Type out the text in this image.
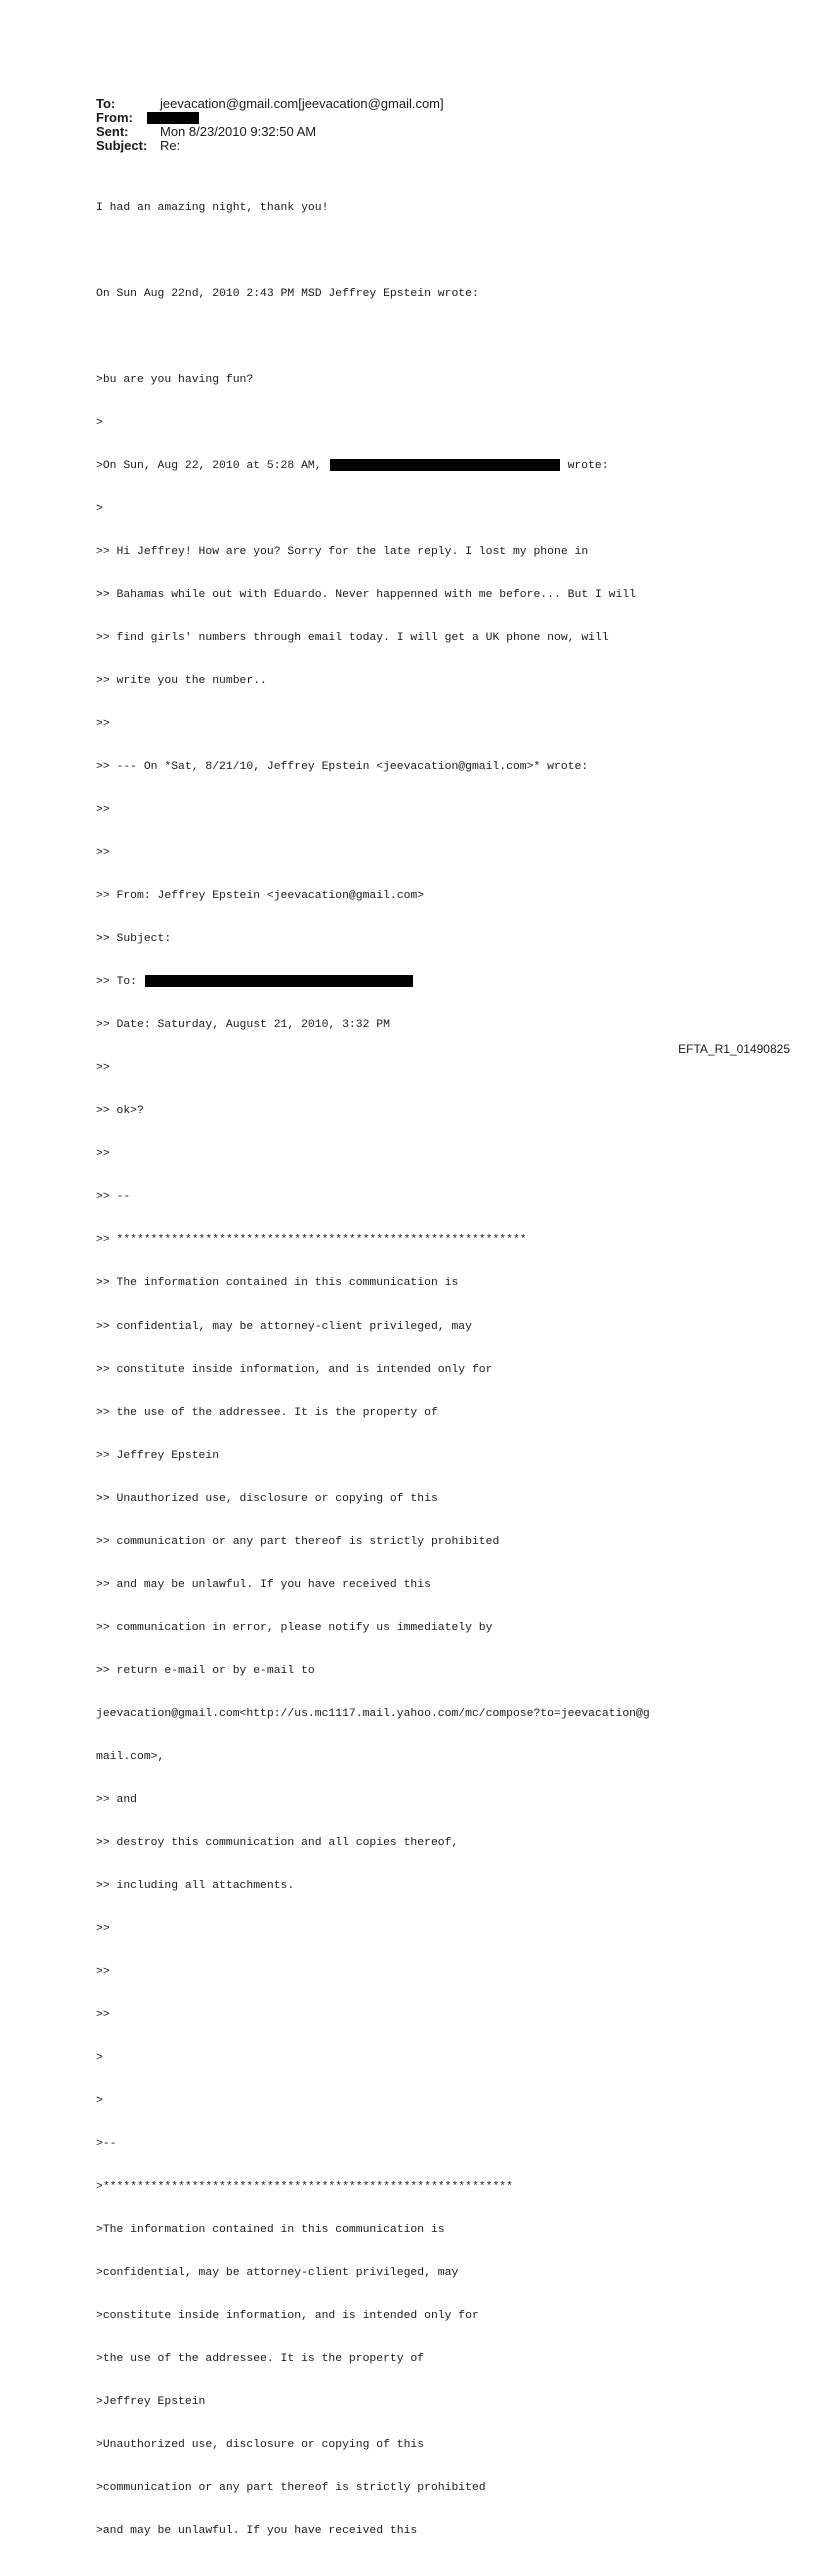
To:	jeevacation@gmail.com[jeevacation@gmail.com]
From:
Sent:	Mon 8/23/2010 9:32:50 AM
Subject: Re:

I had an amazing night, thank you!

On Sun Aug 22nd, 2010 2:43 PM MSD Jeffrey Epstein wrote:

>bu are you having fun?

>

>On Sun, Aug 22, 2010 at 5:28 AM,	wrote:

>

>> Hi Jeffrey! How are you? Sorry for the late reply. I lost my phone in

>> Bahamas while out with Eduardo. Never happenned with me before... But I will

>> find girls' numbers through email today. I will get a UK phone now, will

>> write you the number..

>>

>> --- On *Sat, 8/21/10, Jeffrey Epstein <jeevacation@gmail.com>* wrote:

>>

>>

>> From: Jeffrey Epstein <jeevacation@gmail.com>

>> Subject:

>> To:

>> Date: Saturday, August 21, 2010, 3:32 PM

>>

>> ok>?

>>

>> --

>> ************************************************************

>> The information contained in this communication is

>> confidential, may be attorney-client privileged, may

>> constitute inside information, and is intended only for

>> the use of the addressee. It is the property of

>> Jeffrey Epstein

>> Unauthorized use, disclosure or copying of this

>> communication or any part thereof is strictly prohibited

>> and may be unlawful. If you have received this

>> communication in error, please notify us immediately by

>> return e-mail or by e-mail to

jeevacation@gmail.com<http://us.mc1117.mail.yahoo.com/mc/compose?to=jeevacation@g

mail.com>,

>> and

>> destroy this communication and all copies thereof,

>> including all attachments.

>>

>>

>>

>

>

>--

>************************************************************

>The information contained in this communication is

>confidential, may be attorney-client privileged, may

>constitute inside information, and is intended only for

>the use of the addressee. It is the property of

>Jeffrey Epstein

>Unauthorized use, disclosure or copying of this

>communication or any part thereof is strictly prohibited

>and may be unlawful. If you have received this

EFTA_R1_01490825
